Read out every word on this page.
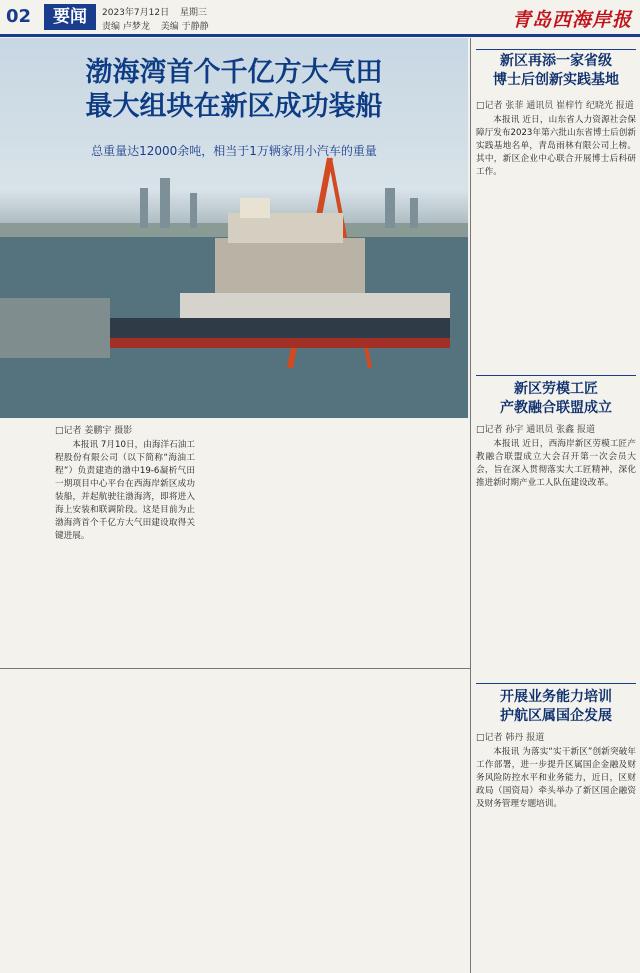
02	要闻	2023年7月12日 星期三
责编 卢梦龙 美编 于静静	青岛西海岸报
渤海湾首个千亿方大气田
最大组块在新区成功装船
总重量达12000余吨，相当于1万辆家用小汽车的重量
□记者 姜鹏宇 摄影

本报讯 7月10日，由海洋石油工程股份有限公司（以下简称“海油工程”）负责建造的渤中19-6凝析气田一期项目中心平台在西海岸新区成功装船，并起航驶往渤海湾，即将进入海上安装和联调阶段。这是目前为止渤海湾首个千亿方大气田建设取得关键进展。

新区再添一家省级
博士后创新实践基地
□记者 张菲 通讯员 崔梓竹 纪晓光 报道

本报讯 近日，山东省人力资源社会保障厅发布2023年第六批山东省博士后创新实践基地名单，青岛雨林有限公司上榜。其中，新区企业中心联合开展博士后科研工作。

新区劳模工匠
产教融合联盟成立
□记者 孙宇 通讯员 张鑫 报道

本报讯 近日，西海岸新区劳模工匠产教融合联盟成立大会召开第一次会员大会，旨在深入贯彻落实大工匠精神，深化推进新时期产业工人队伍建设改革。

开展业务能力培训
护航区属国企发展
□记者 韩丹 报道

本报讯 为落实“实干新区”创新突破年工作部署，进一步提升区属国企金融及财务风险防控水平和业务能力，近日，区财政局（国资局）牵头举办了新区国企融资及财务管理专题培训。
